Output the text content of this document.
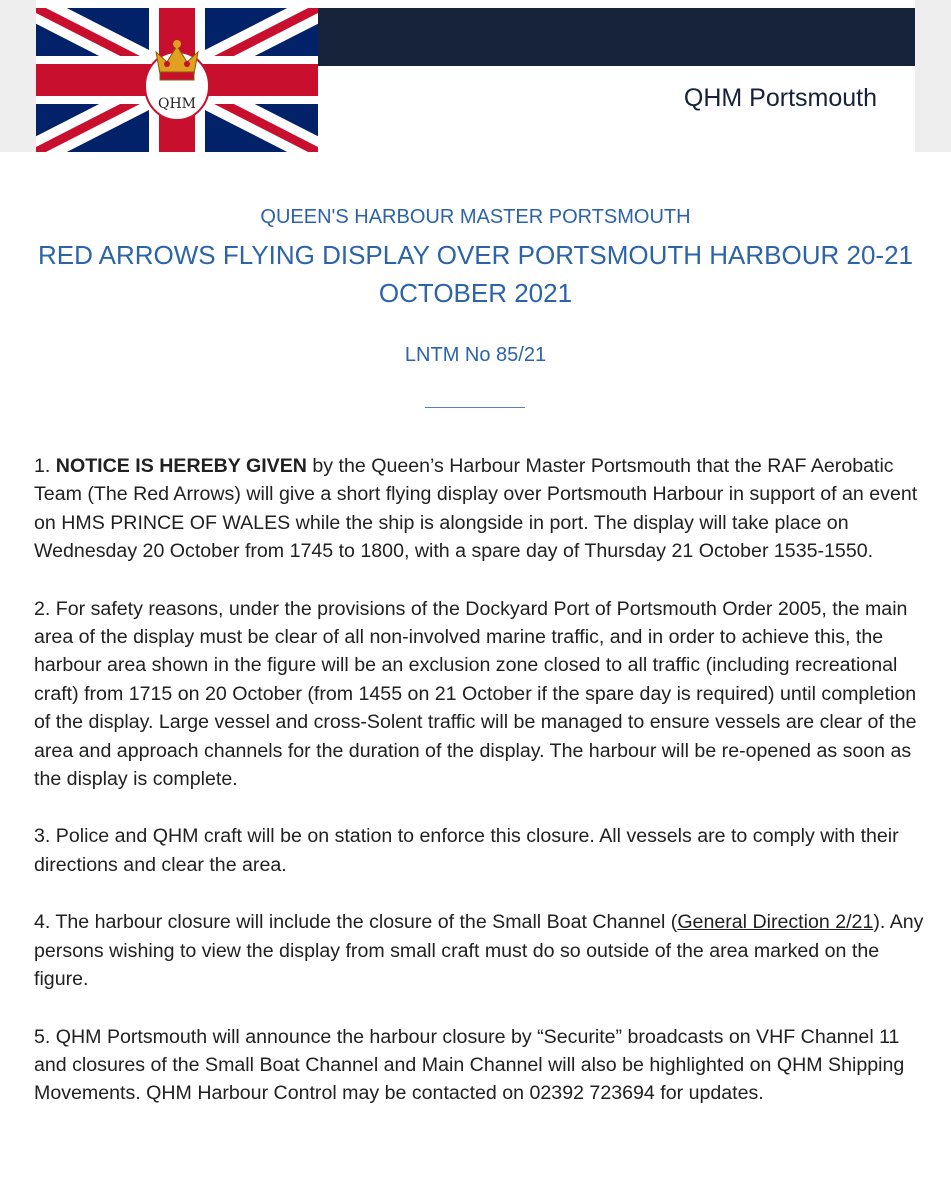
QHM	QHM Portsmouth
QUEEN'S HARBOUR MASTER PORTSMOUTH
RED ARROWS FLYING DISPLAY OVER PORTSMOUTH HARBOUR 20-21 OCTOBER 2021
LNTM No 85/21

1. NOTICE IS HEREBY GIVEN by the Queen’s Harbour Master Portsmouth that the RAF Aerobatic Team (The Red Arrows) will give a short flying display over Portsmouth Harbour in support of an event on HMS PRINCE OF WALES while the ship is alongside in port. The display will take place on Wednesday 20 October from 1745 to 1800, with a spare day of Thursday 21 October 1535-1550.

2. For safety reasons, under the provisions of the Dockyard Port of Portsmouth Order 2005, the main area of the display must be clear of all non-involved marine traffic, and in order to achieve this, the harbour area shown in the figure will be an exclusion zone closed to all traffic (including recreational craft) from 1715 on 20 October (from 1455 on 21 October if the spare day is required) until completion of the display. Large vessel and cross-Solent traffic will be managed to ensure vessels are clear of the area and approach channels for the duration of the display. The harbour will be re-opened as soon as the display is complete.

3. Police and QHM craft will be on station to enforce this closure. All vessels are to comply with their directions and clear the area.

4. The harbour closure will include the closure of the Small Boat Channel (General Direction 2/21). Any persons wishing to view the display from small craft must do so outside of the area marked on the figure.

5. QHM Portsmouth will announce the harbour closure by “Securite” broadcasts on VHF Channel 11 and closures of the Small Boat Channel and Main Channel will also be highlighted on QHM Shipping Movements. QHM Harbour Control may be contacted on 02392 723694 for updates.
